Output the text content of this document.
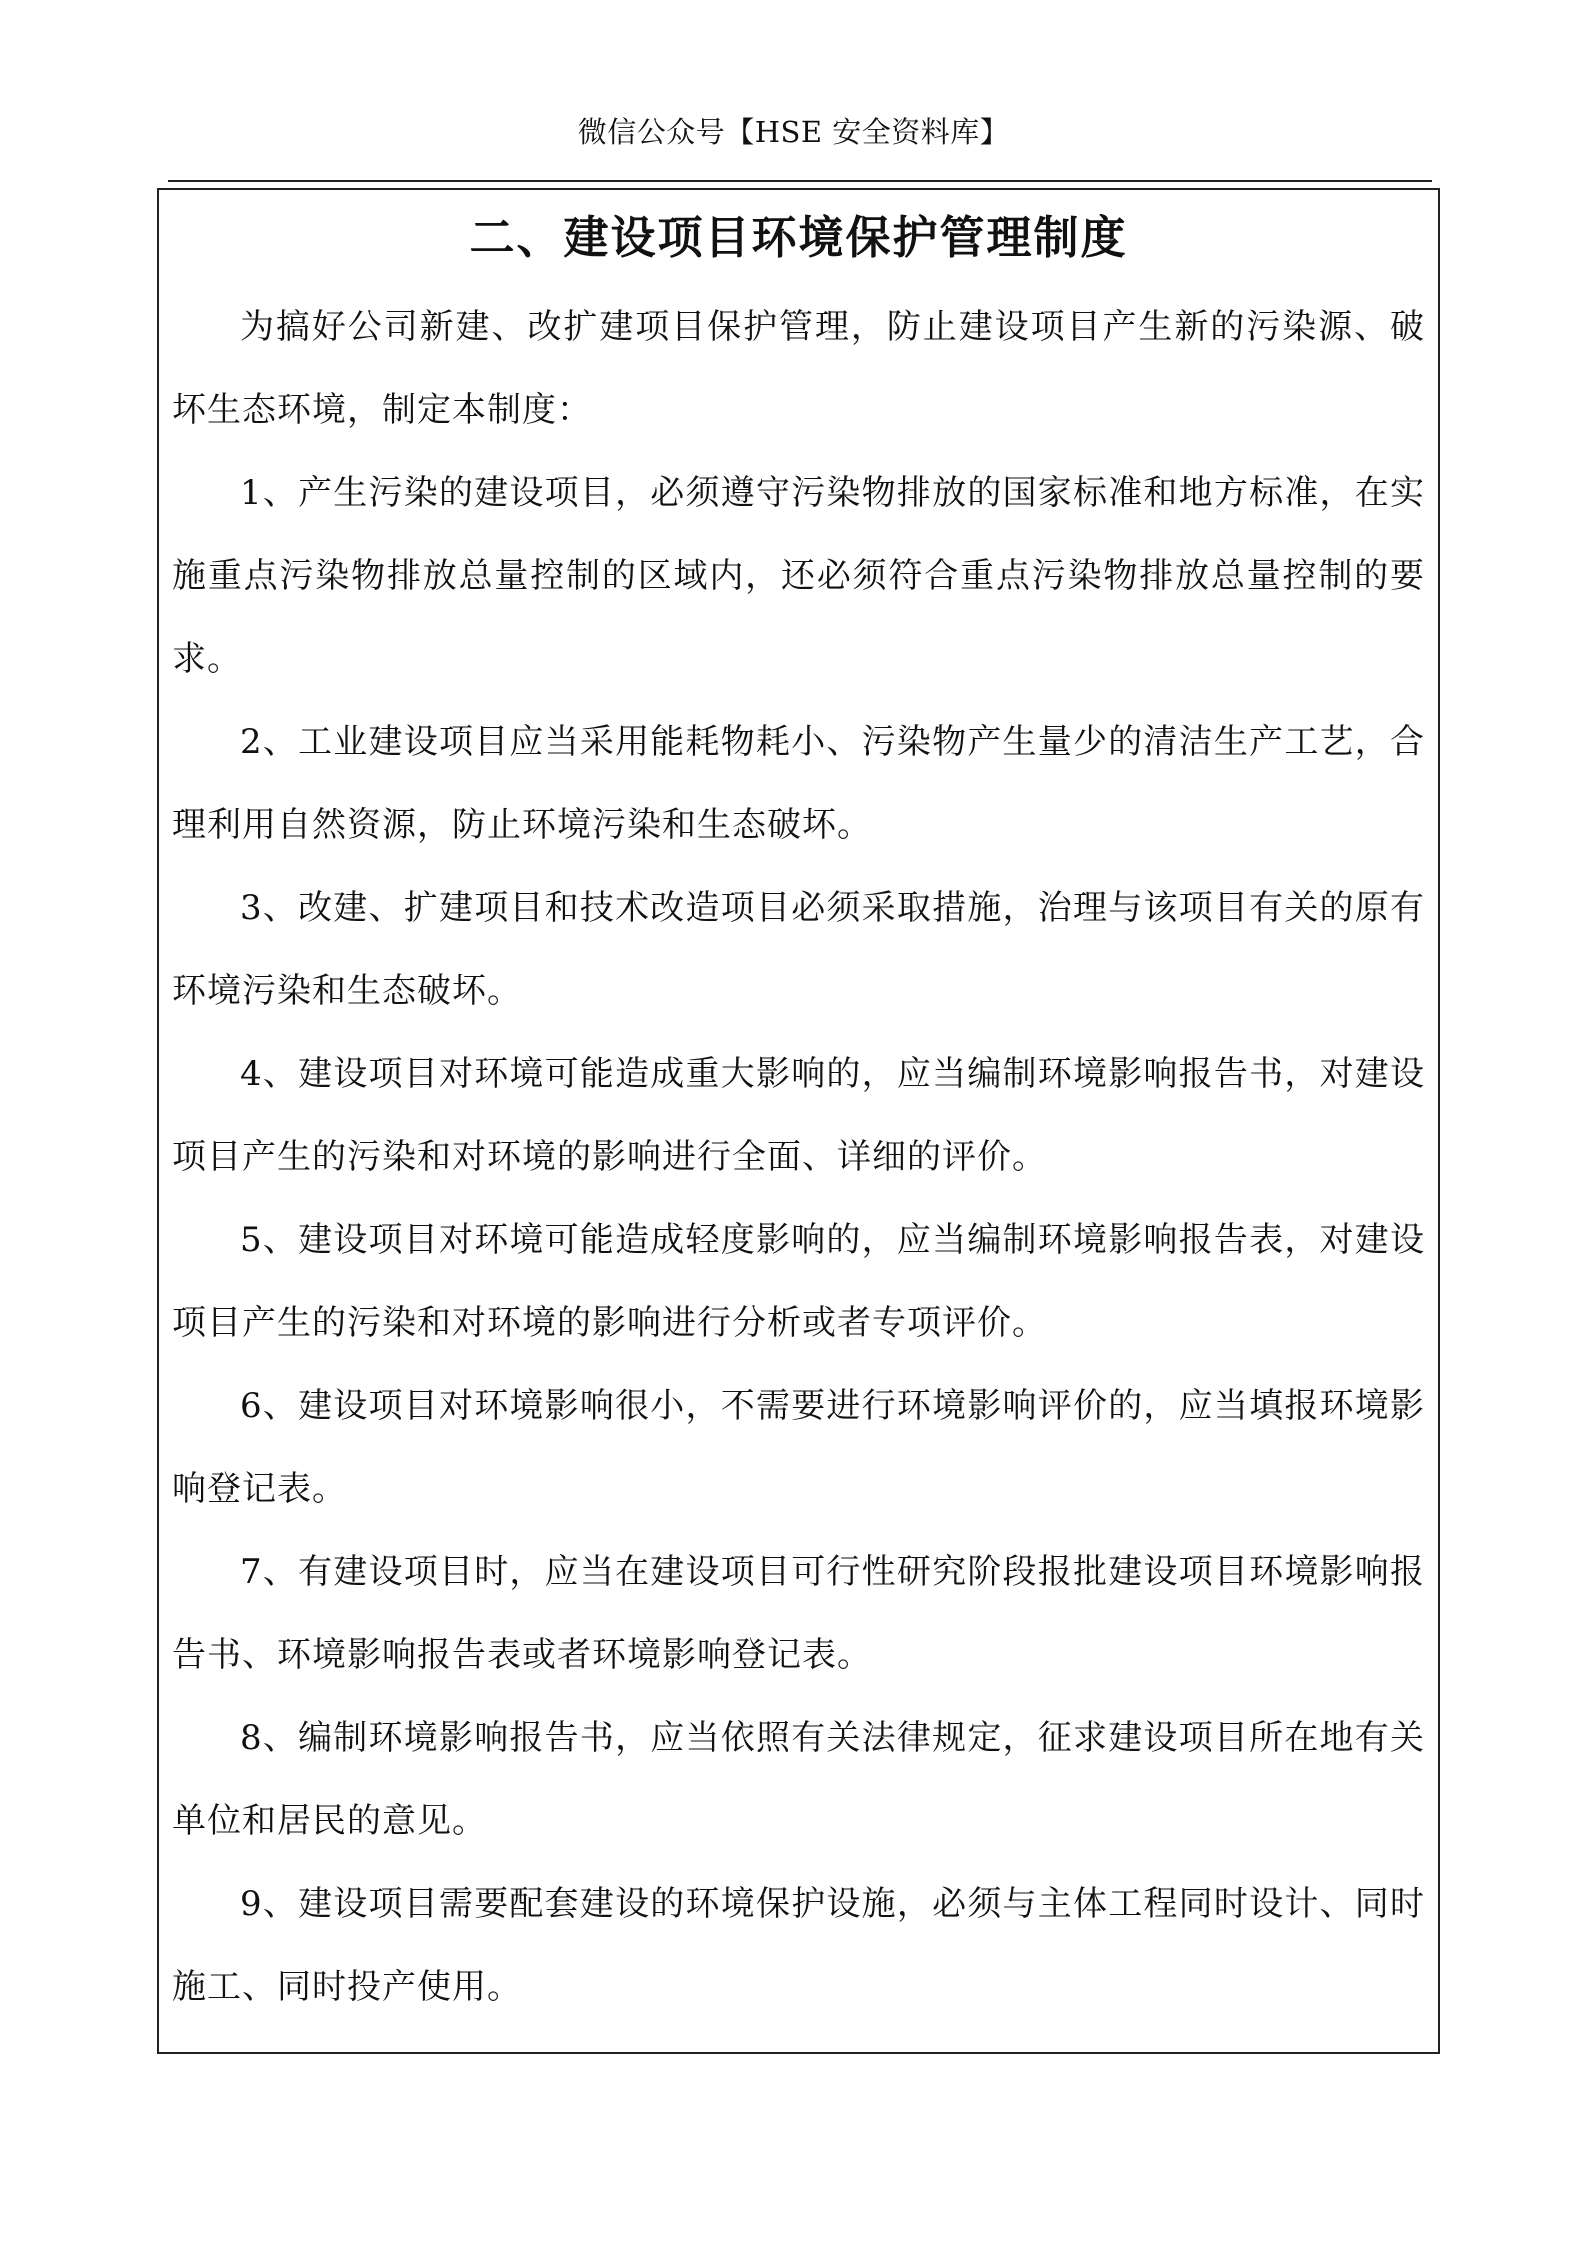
微信公众号【HSE 安全资料库】
二、建设项目环境保护管理制度

为搞好公司新建、改扩建项目保护管理，防止建设项目产生新的污染源、破坏生态环境，制定本制度：

1、产生污染的建设项目，必须遵守污染物排放的国家标准和地方标准，在实施重点污染物排放总量控制的区域内，还必须符合重点污染物排放总量控制的要求。

2、工业建设项目应当采用能耗物耗小、污染物产生量少的清洁生产工艺，合理利用自然资源，防止环境污染和生态破坏。

3、改建、扩建项目和技术改造项目必须采取措施，治理与该项目有关的原有环境污染和生态破坏。

4、建设项目对环境可能造成重大影响的，应当编制环境影响报告书，对建设项目产生的污染和对环境的影响进行全面、详细的评价。

5、建设项目对环境可能造成轻度影响的，应当编制环境影响报告表，对建设项目产生的污染和对环境的影响进行分析或者专项评价。

6、建设项目对环境影响很小，不需要进行环境影响评价的，应当填报环境影响登记表。

7、有建设项目时，应当在建设项目可行性研究阶段报批建设项目环境影响报告书、环境影响报告表或者环境影响登记表。

8、编制环境影响报告书，应当依照有关法律规定，征求建设项目所在地有关单位和居民的意见。

9、建设项目需要配套建设的环境保护设施，必须与主体工程同时设计、同时施工、同时投产使用。
